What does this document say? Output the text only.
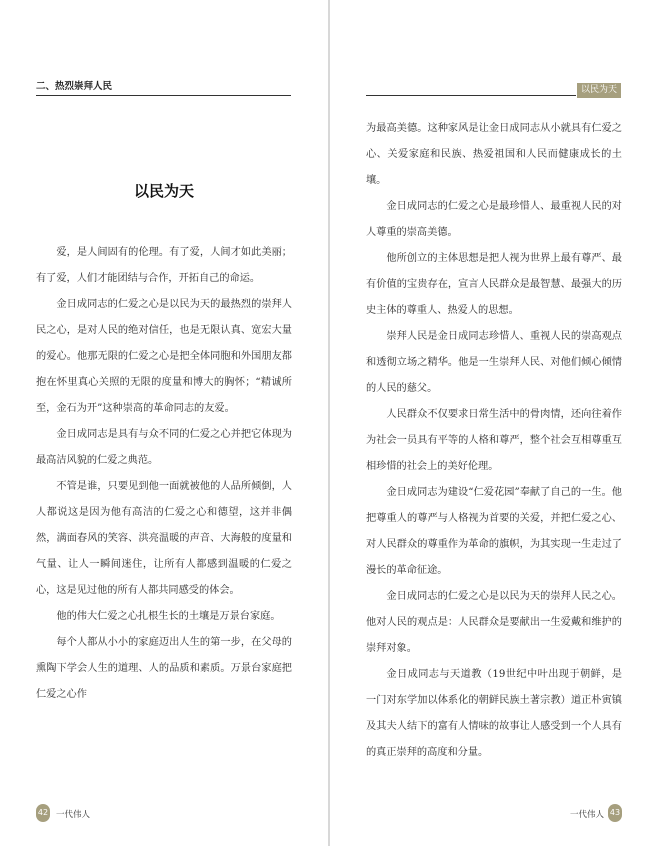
二、热烈崇拜人民
以民为天

爱，是人间固有的伦理。有了爱，人间才如此美丽；有了爱，人们才能团结与合作，开拓自己的命运。

金日成同志的仁爱之心是以民为天的最热烈的崇拜人民之心，是对人民的绝对信任，也是无限认真、宽宏大量的爱心。他那无限的仁爱之心是把全体同胞和外国朋友都抱在怀里真心关照的无限的度量和博大的胸怀；“精诚所至，金石为开”这种崇高的革命同志的友爱。

金日成同志是具有与众不同的仁爱之心并把它体现为最高洁风貌的仁爱之典范。

不管是谁，只要见到他一面就被他的人品所倾倒，人人都说这是因为他有高洁的仁爱之心和德望，这并非偶然，满面春风的笑容、洪亮温暖的声音、大海般的度量和气量、让人一瞬间迷住，让所有人都感到温暖的仁爱之心，这是见过他的所有人都共同感受的体会。

他的伟大仁爱之心扎根生长的土壤是万景台家庭。

每个人都从小小的家庭迈出人生的第一步，在父母的熏陶下学会人生的道理、人的品质和素质。万景台家庭把仁爱之心作

42 一代伟人
以民为天

为最高美德。这种家风是让金日成同志从小就具有仁爱之心、关爱家庭和民族、热爱祖国和人民而健康成长的土壤。

金日成同志的仁爱之心是最珍惜人、最重视人民的对人尊重的崇高美德。

他所创立的主体思想是把人视为世界上最有尊严、最有价值的宝贵存在，宣言人民群众是最智慧、最强大的历史主体的尊重人、热爱人的思想。

崇拜人民是金日成同志珍惜人、重视人民的崇高观点和透彻立场之精华。他是一生崇拜人民、对他们倾心倾情的人民的慈父。

人民群众不仅要求日常生活中的骨肉情，还向往着作为社会一员具有平等的人格和尊严，整个社会互相尊重互相珍惜的社会上的美好伦理。

金日成同志为建设“仁爱花园”奉献了自己的一生。他把尊重人的尊严与人格视为首要的关爱，并把仁爱之心、对人民群众的尊重作为革命的旗帜，为其实现一生走过了漫长的革命征途。

金日成同志的仁爱之心是以民为天的崇拜人民之心。他对人民的观点是：人民群众是要献出一生爱戴和维护的崇拜对象。

金日成同志与天道教（19世纪中叶出现于朝鲜，是一门对东学加以体系化的朝鲜民族土著宗教）道正朴寅镇及其夫人结下的富有人情味的故事让人感受到一个人具有的真正崇拜的高度和分量。

一代伟人 43
